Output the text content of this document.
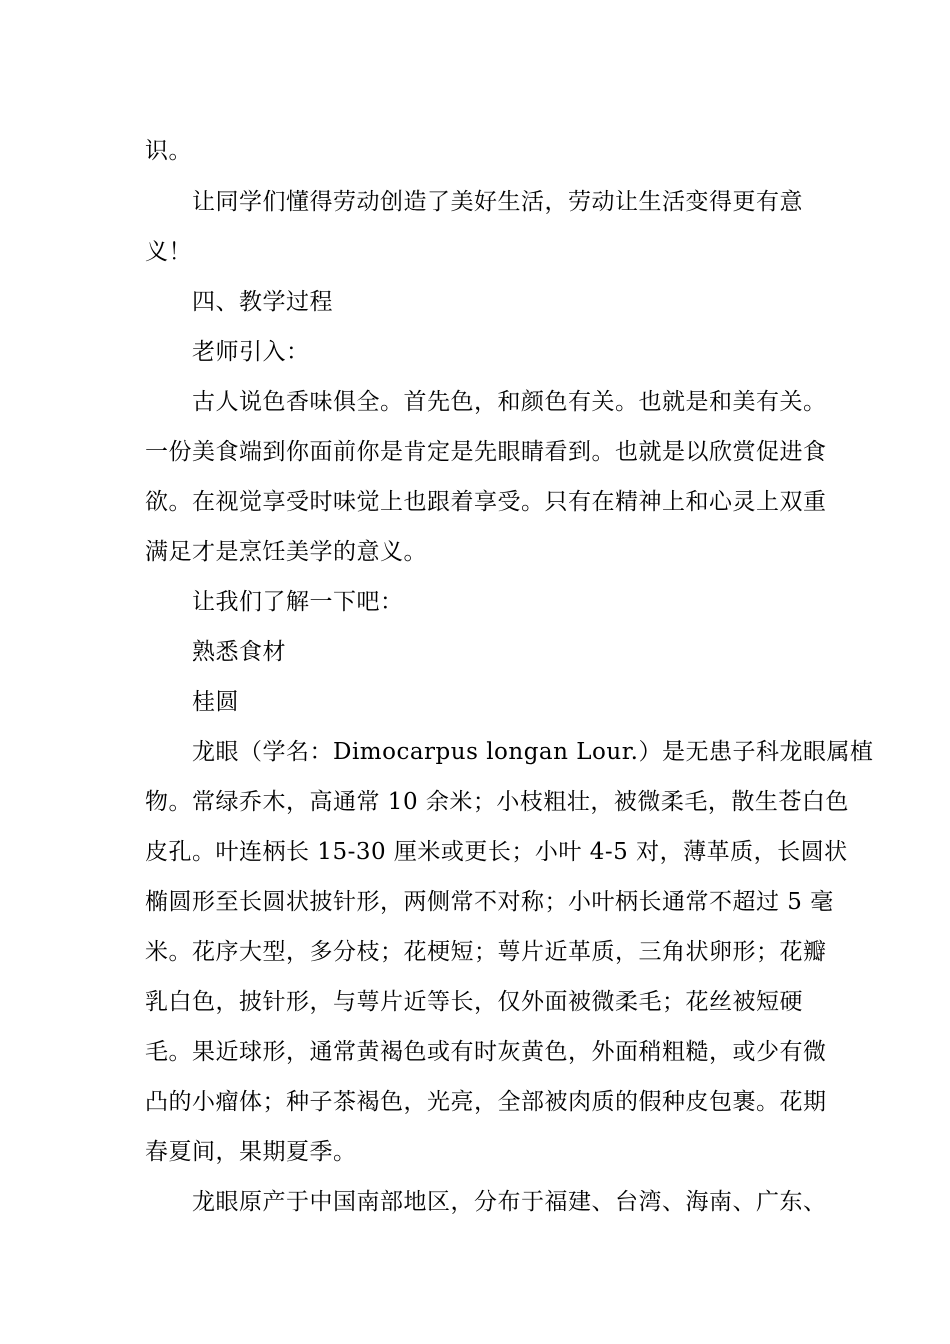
识。
让同学们懂得劳动创造了美好生活，劳动让生活变得更有意
义！
四、教学过程
老师引入：
古人说色香味俱全。首先色，和颜色有关。也就是和美有关。
一份美食端到你面前你是肯定是先眼睛看到。也就是以欣赏促进食
欲。在视觉享受时味觉上也跟着享受。只有在精神上和心灵上双重
满足才是烹饪美学的意义。
让我们了解一下吧：
熟悉食材
桂圆
龙眼（学名：Dimocarpus longan Lour.）是无患子科龙眼属植
物。常绿乔木，高通常 10 余米；小枝粗壮，被微柔毛，散生苍白色
皮孔。叶连柄长 15-30 厘米或更长；小叶 4-5 对，薄革质，长圆状
椭圆形至长圆状披针形，两侧常不对称；小叶柄长通常不超过 5 毫
米。花序大型，多分枝；花梗短；萼片近革质，三角状卵形；花瓣
乳白色，披针形，与萼片近等长，仅外面被微柔毛；花丝被短硬
毛。果近球形，通常黄褐色或有时灰黄色，外面稍粗糙，或少有微
凸的小瘤体；种子茶褐色，光亮，全部被肉质的假种皮包裹。花期
春夏间，果期夏季。
龙眼原产于中国南部地区，分布于福建、台湾、海南、广东、
